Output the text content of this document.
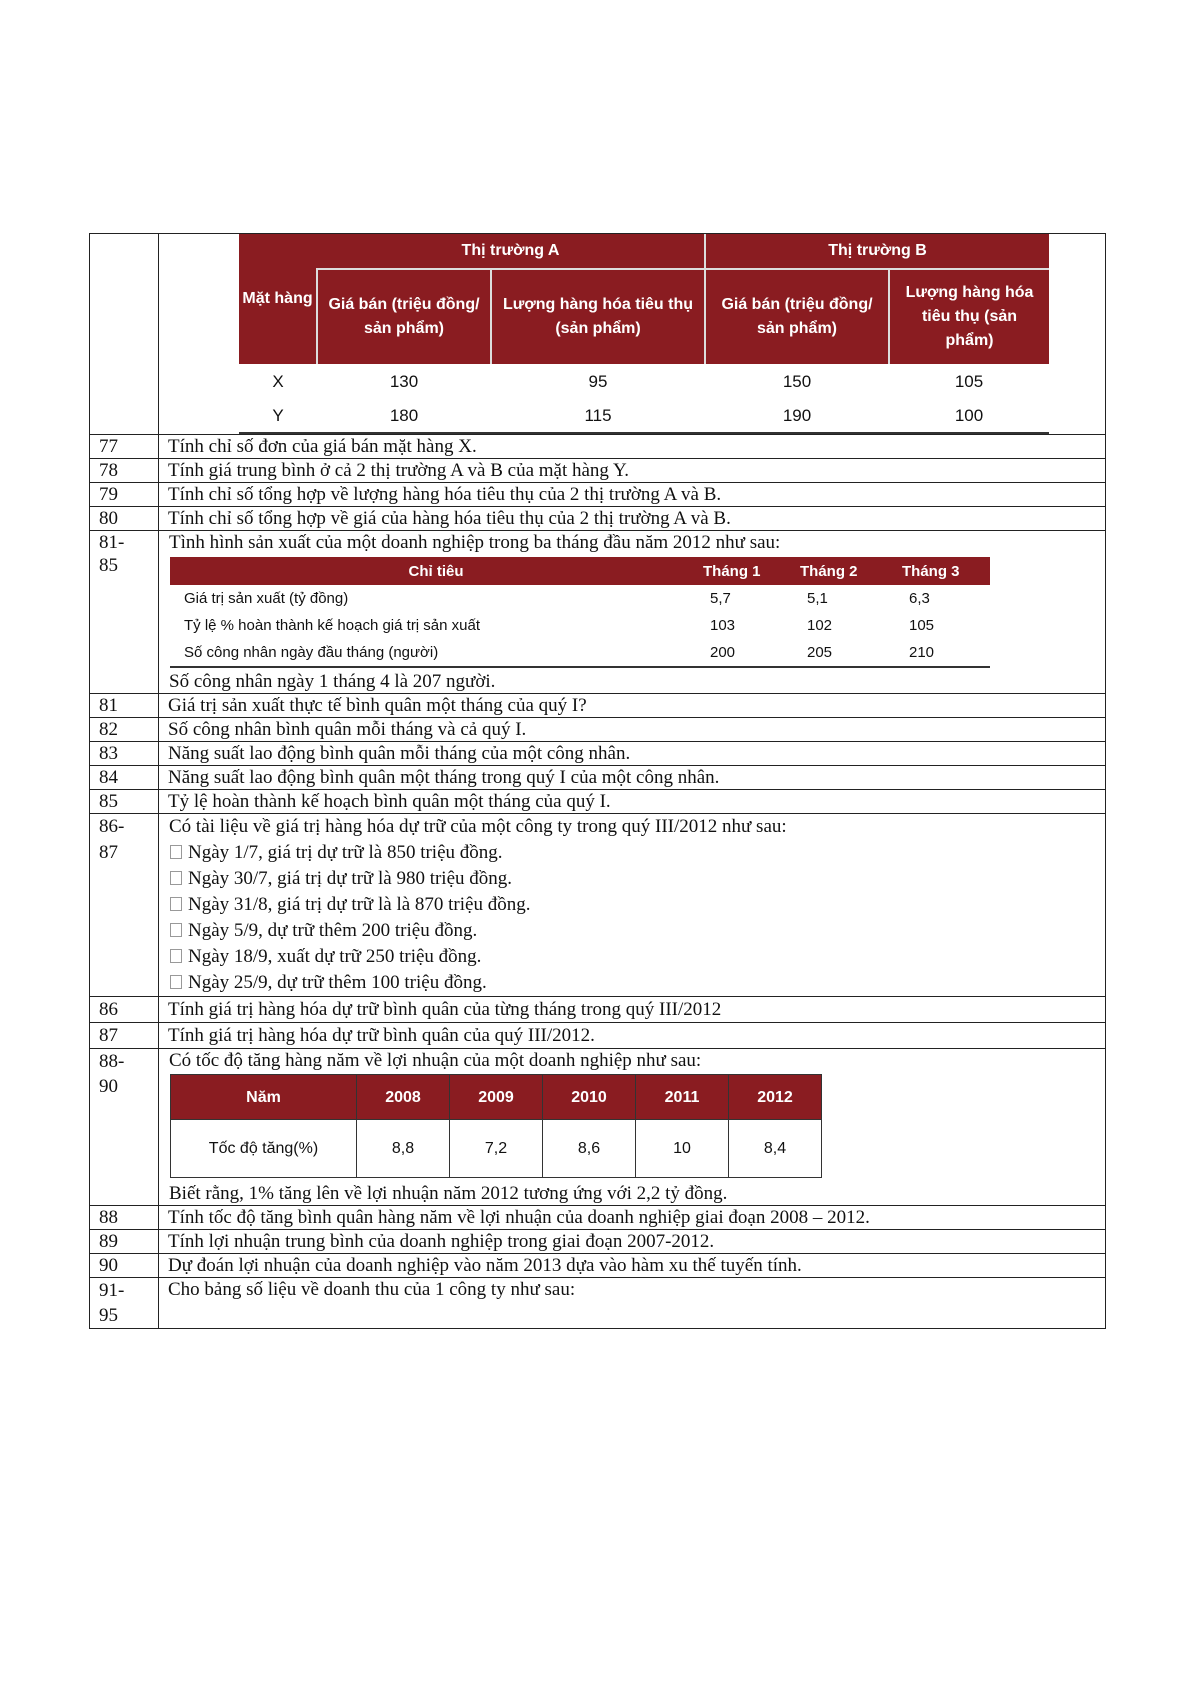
Mặt hàng	Thị trường A	Thị trường B
Giá bán (triệu đồng/ sản phẩm)	Lượng hàng hóa tiêu thụ (sản phẩm)	Giá bán (triệu đồng/ sản phẩm)	Lượng hàng hóa tiêu thụ (sản phẩm)
X	130	95	150	105
Y	180	115	190	100

77	Tính chỉ số đơn của giá bán mặt hàng X.
78	Tính giá trung bình ở cả 2 thị trường A và B của mặt hàng Y.
79	Tính chỉ số tổng hợp về lượng hàng hóa tiêu thụ của 2 thị trường A và B.
80	Tính chỉ số tổng hợp về giá của hàng hóa tiêu thụ của 2 thị trường A và B.
81-
85	
Tình hình sản xuất của một doanh nghiệp trong ba tháng đầu năm 2012 như sau:
Chỉ tiêu	Tháng 1	Tháng 2	Tháng 3
Giá trị sản xuất (tỷ đồng)	5,7	5,1	6,3
Tỷ lệ % hoàn thành kế hoạch giá trị sản xuất	103	102	105
Số công nhân ngày đầu tháng (người)	200	205	210
Số công nhân ngày 1 tháng 4 là 207 người.

81	Giá trị sản xuất thực tế bình quân một tháng của quý I?
82	Số công nhân bình quân mỗi tháng và cả quý I.
83	Năng suất lao động bình quân mỗi tháng của một công nhân.
84	Năng suất lao động bình quân một tháng trong quý I của một công nhân.
85	Tỷ lệ hoàn thành kế hoạch bình quân một tháng của quý I.
86-
87	
Có tài liệu về giá trị hàng hóa dự trữ của một công ty trong quý III/2012 như sau:
Ngày 1/7, giá trị dự trữ là 850 triệu đồng.
Ngày 30/7, giá trị dự trữ là 980 triệu đồng.
Ngày 31/8, giá trị dự trữ là là 870 triệu đồng.
Ngày 5/9, dự trữ thêm 200 triệu đồng.
Ngày 18/9, xuất dự trữ 250 triệu đồng.
Ngày 25/9, dự trữ thêm 100 triệu đồng.

86	Tính giá trị hàng hóa dự trữ bình quân của từng tháng trong quý III/2012
87	Tính giá trị hàng hóa dự trữ bình quân của quý III/2012.
88-
90	
Có tốc độ tăng hàng năm về lợi nhuận của một doanh nghiệp như sau:
Năm	2008	2009	2010	2011	2012
Tốc độ tăng(%)	8,8	7,2	8,6	10	8,4
Biết rằng, 1% tăng lên về lợi nhuận năm 2012 tương ứng với 2,2 tỷ đồng.

88	Tính tốc độ tăng bình quân hàng năm về lợi nhuận của doanh nghiệp giai đoạn 2008 – 2012.
89	Tính lợi nhuận trung bình của doanh nghiệp trong giai đoạn 2007-2012.
90	Dự đoán lợi nhuận của doanh nghiệp vào năm 2013 dựa vào hàm xu thế tuyến tính.
91-
95	Cho bảng số liệu về doanh thu của 1 công ty như sau:
